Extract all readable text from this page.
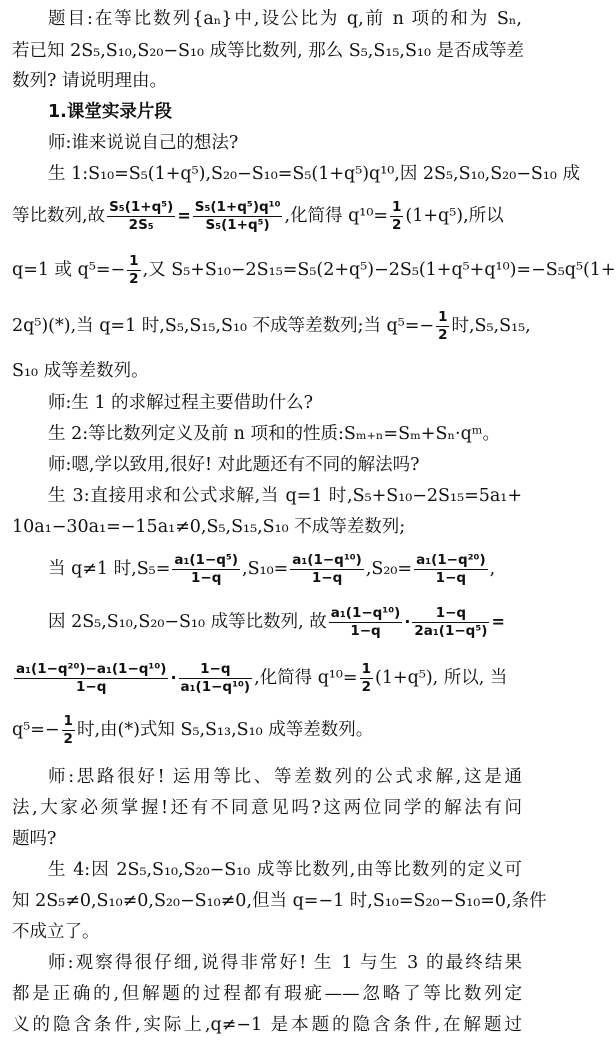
题目:在等比数列{aₙ}中,设公比为 q,前 n 项的和为 Sₙ,
若已知 2S₅,S₁₀,S₂₀−S₁₀ 成等比数列, 那么 S₅,S₁₅,S₁₀ 是否成等差
数列? 请说明理由。
1.课堂实录片段
师:谁来说说自己的想法?
生 1:S₁₀=S₅(1+q⁵),S₂₀−S₁₀=S₅(1+q⁵)q¹⁰,因 2S₅,S₁₀,S₂₀−S₁₀ 成
等比数列,故 $\frac{\text{S₅(1+q⁵)}}{\text{2S₅}} = \frac{\text{S₅(1+q⁵)q¹⁰}}{\text{S₅(1+q⁵)}}$ ,化简得 $q^{10}= \frac{1}{2} (1+q^5)$,所以
q=1 或 $q^5=- \frac{1}{2}$ ,又 S₅+S₁₀−2S₁₅=S₅(2+q⁵)−2S₅(1+q⁵+q¹⁰)=−S₅q⁵(1+
2q⁵)(*),当 q=1 时,S₅,S₁₅,S₁₀ 不成等差数列;当 $q^5=- \frac{1}{2}$ 时,S₅,S₁₅,
S₁₀ 成等差数列。
师:生 1 的求解过程主要借助什么?
生 2:等比数列定义及前 n 项和的性质:Sₘ₊ₙ=Sₘ+Sₙ·qᵐ。
师:嗯,学以致用,很好! 对此题还有不同的解法吗?
生 3:直接用求和公式求解,当 q=1 时,S₅+S₁₀−2S₁₅=5a₁+
10a₁−30a₁=−15a₁≠0,S₅,S₁₅,S₁₀ 不成等差数列;
当 q≠1 时$,S_5= \frac{\text{a₁(1−q⁵)}}{1-q} ,S_{10}= \frac{\text{a₁(1−q¹⁰)}}{1-q} ,S_{20}= \frac{\text{a₁(1−q²⁰)}}{1-q}$ ,
因 2S₅,S₁₀,S₂₀−S₁₀ 成等比数列, 故 $\frac{\text{a₁(1−q¹⁰)}}{1-q} \cdot \frac{1-q}{\text{2a₁(1−q⁵)}}$ =
$\frac{\text{a₁(1−q²⁰)−a₁(1−q¹⁰)}}{1-q} \cdot \frac{1-q}{\text{a₁(1−q¹⁰)}}$ ,化简得 $q^{10}= \frac{1}{2} (1+q^5)$, 所以, 当
$q^5=- \frac{1}{2}$ 时,由(*)式知 S₅,S₁₃,S₁₀ 成等差数列。
师:思路很好! 运用等比、等差数列的公式求解,这是通
法,大家必须掌握!还有不同意见吗?这两位同学的解法有问
题吗?
生 4:因 2S₅,S₁₀,S₂₀−S₁₀ 成等比数列,由等比数列的定义可
知 2S₅≠0,S₁₀≠0,S₂₀−S₁₀≠0,但当 q=−1 时,S₁₀=S₂₀−S₁₀=0,条件
不成立了。
师:观察得很仔细,说得非常好! 生 1 与生 3 的最终结果
都是正确的,但解题的过程都有瑕疵——忽略了等比数列定
义的隐含条件,实际上,q≠−1 是本题的隐含条件,在解题过
